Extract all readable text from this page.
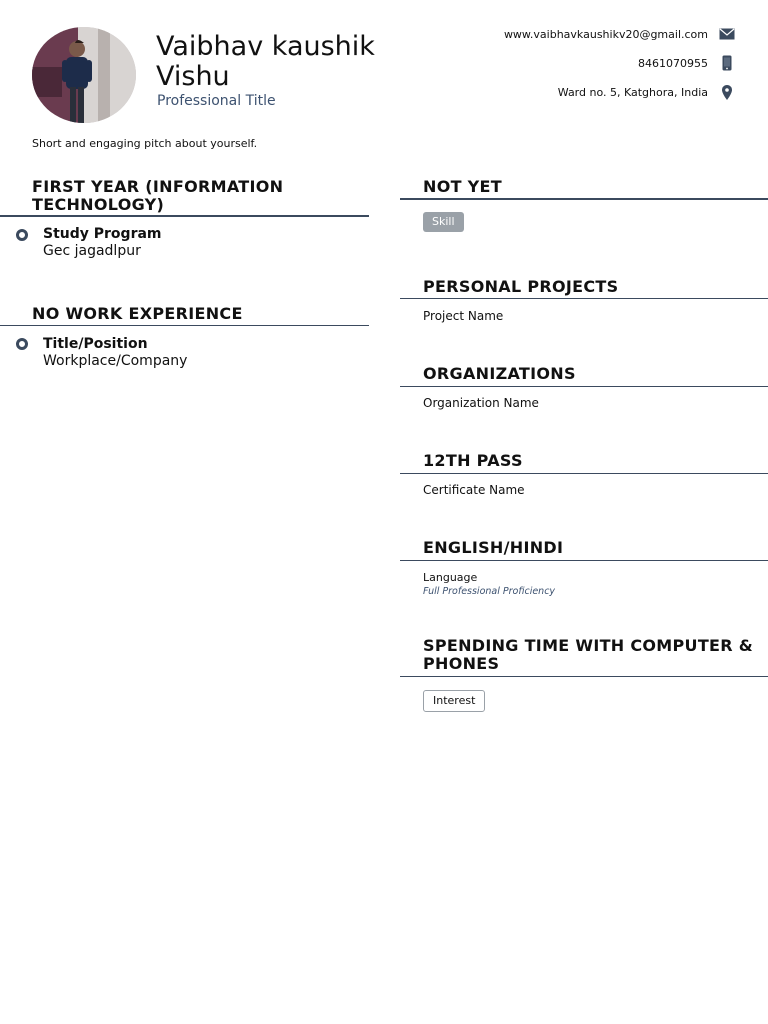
Vaibhav kaushik
Vishu
Professional Title
www.vaibhavkaushikv20@gmail.com
8461070955
Ward no. 5, Katghora, India
Short and engaging pitch about yourself.
FIRST YEAR (INFORMATION
TECHNOLOGY)
Study Program
Gec jagadlpur
NO WORK EXPERIENCE
Title/Position
Workplace/Company
NOT YET
Skill
PERSONAL PROJECTS
Project Name
ORGANIZATIONS
Organization Name
12TH PASS
Certificate Name
ENGLISH/HINDI
Language
Full Professional Proficiency
SPENDING TIME WITH COMPUTER &
PHONES
Interest
